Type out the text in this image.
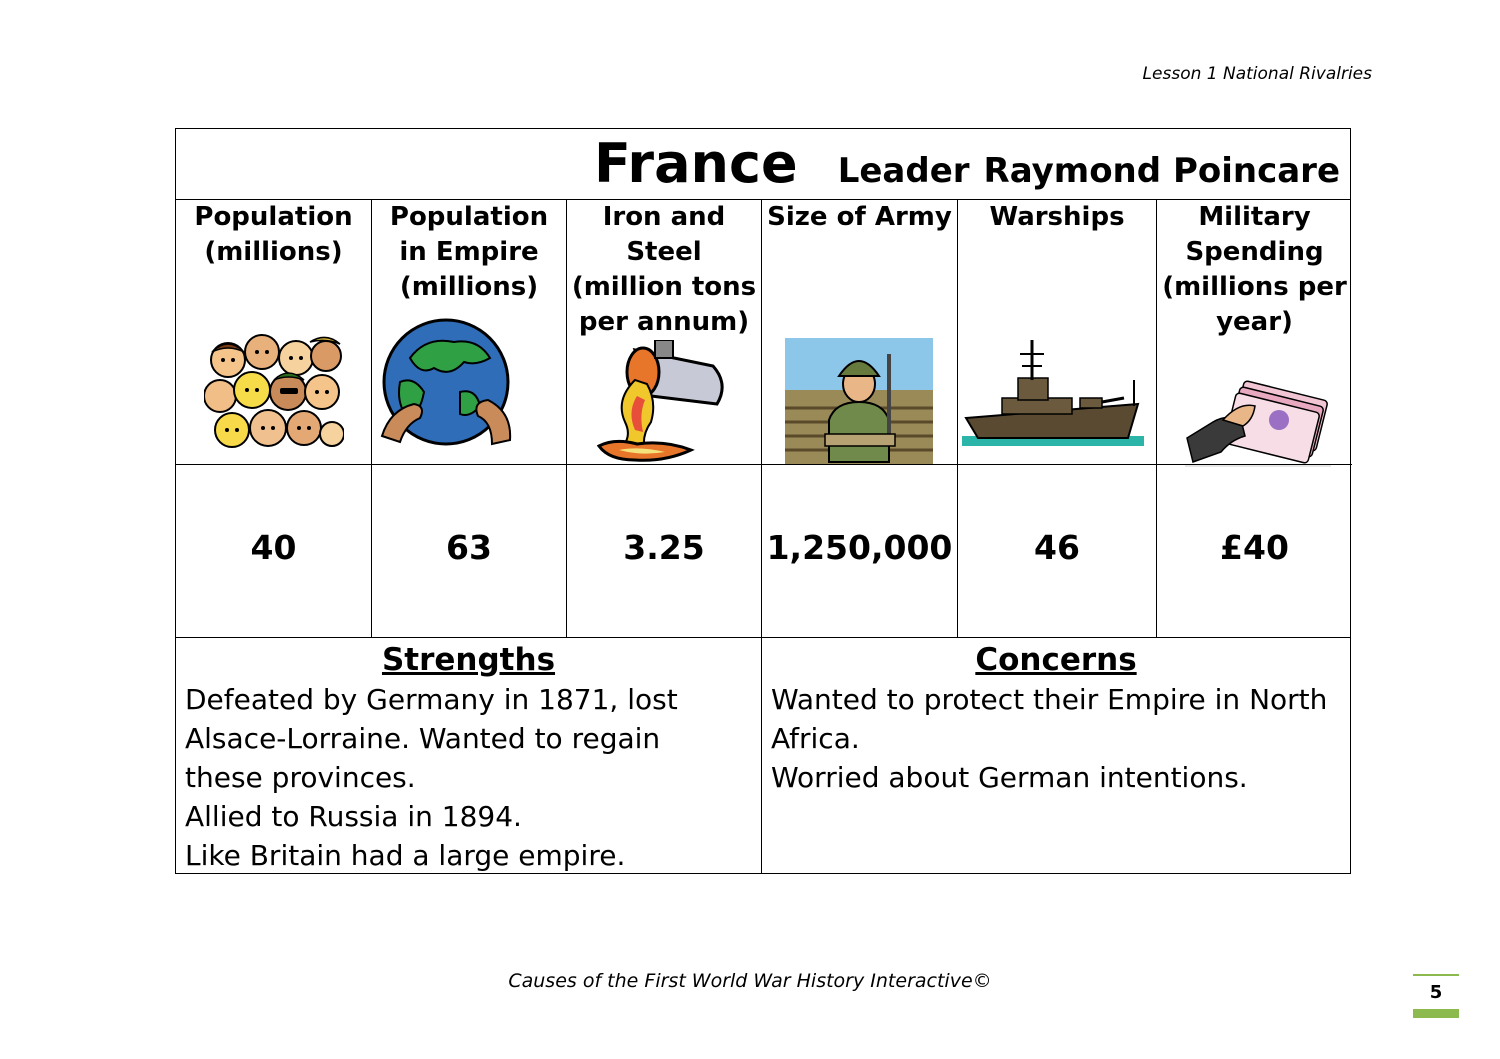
Lesson 1 National Rivalries
France Leader Raymond Poincare
Population
(millions)
40
Population
in Empire
(millions)
63
Iron and
Steel
(million tons
per annum)
3.25
Size of Army
1,250,000
Warships
46
Military
Spending
(millions per
year)
£40
Strengths
Defeated by Germany in 1871, lost
Alsace-Lorraine. Wanted to regain
these provinces.
Allied to Russia in 1894.
Like Britain had a large empire.
Concerns
Wanted to protect their Empire in North
Africa.
Worried about German intentions.
Causes of the First World War History Interactive©
5
